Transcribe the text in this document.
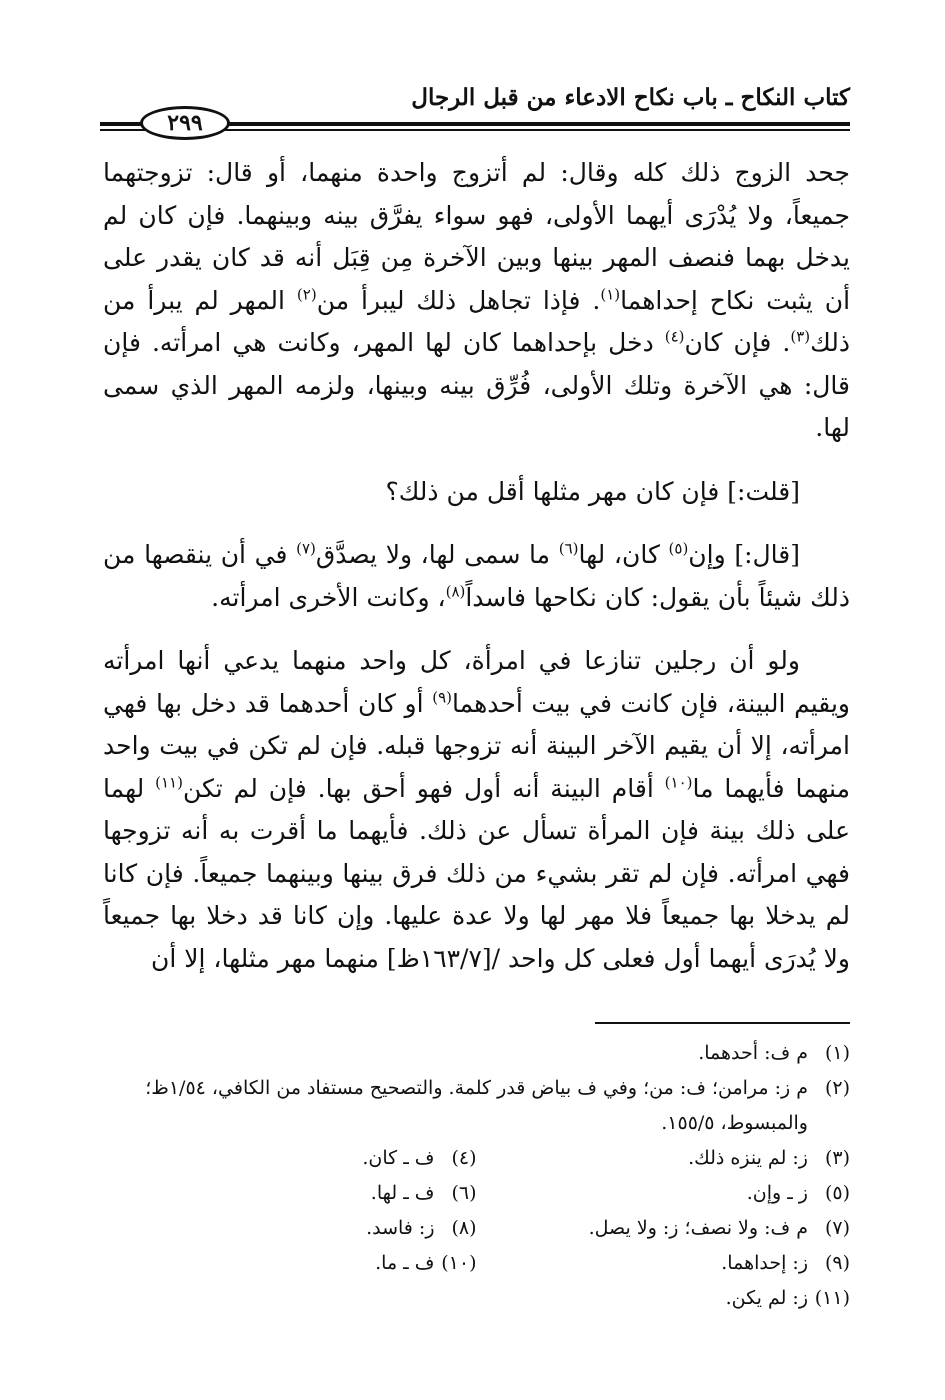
كتاب النكاح ـ باب نكاح الادعاء من قبل الرجال
٢٩٩

جحد الزوج ذلك كله وقال: لم أتزوج واحدة منهما، أو قال: تزوجتهما جميعاً، ولا يُدْرَى أيهما الأولى، فهو سواء يفرَّق بينه وبينهما. فإن كان لم يدخل بهما فنصف المهر بينها وبين الآخرة مِن قِبَل أنه قد كان يقدر على أن يثبت نكاح إحداهما$^{(١)}$. فإذا تجاهل ذلك ليبرأ من$^{(٢)}$ المهر لم يبرأ من ذلك$^{(٣)}$. فإن كان$^{(٤)}$ دخل بإحداهما كان لها المهر، وكانت هي امرأته. فإن قال: هي الآخرة وتلك الأولى، فُرِّق بينه وبينها، ولزمه المهر الذي سمى لها.

[قلت:] فإن كان مهر مثلها أقل من ذلك؟

[قال:] وإن$^{(٥)}$ كان، لها$^{(٦)}$ ما سمى لها، ولا يصدَّق$^{(٧)}$ في أن ينقصها من ذلك شيئاً بأن يقول: كان نكاحها فاسداً$^{(٨)}$، وكانت الأخرى امرأته.

ولو أن رجلين تنازعا في امرأة، كل واحد منهما يدعي أنها امرأته ويقيم البينة، فإن كانت في بيت أحدهما$^{(٩)}$ أو كان أحدهما قد دخل بها فهي امرأته، إلا أن يقيم الآخر البينة أنه تزوجها قبله. فإن لم تكن في بيت واحد منهما فأيهما ما$^{(١٠)}$ أقام البينة أنه أول فهو أحق بها. فإن لم تكن$^{(١١)}$ لهما على ذلك بينة فإن المرأة تسأل عن ذلك. فأيهما ما أقرت به أنه تزوجها فهي امرأته. فإن لم تقر بشيء من ذلك فرق بينها وبينهما جميعاً. فإن كانا لم يدخلا بها جميعاً فلا مهر لها ولا عدة عليها. وإن كانا قد دخلا بها جميعاً ولا يُدرَى أيهما أول فعلى كل واحد /[١٦٣/٧ظ] منهما مهر مثلها، إلا أن

(١)
م ف: أحدهما.
(٢)
م ز: مرامن؛ ف: من؛ وفي ف بياض قدر كلمة. والتصحيح مستفاد من الكافي، ١/٥٤ظ؛ والمبسوط، ١٥٥/٥.
(٣)
ز: لم ينزه ذلك.
(٤)
ف ـ كان.
(٥)
ز ـ وإن.
(٦)
ف ـ لها.
(٧)
م ف: ولا نصف؛ ز: ولا يصل.
(٨)
ز: فاسد.
(٩)
ز: إحداهما.
(١٠)
ف ـ ما.
(١١)
ز: لم يكن.
